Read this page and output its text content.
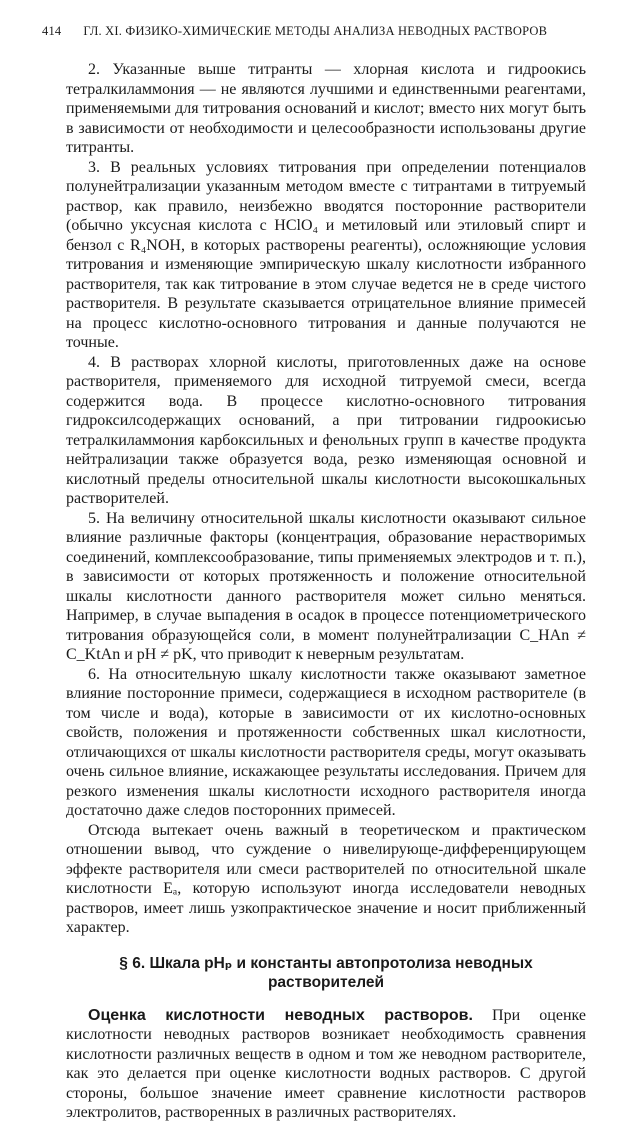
414 ГЛ. XI. ФИЗИКО-ХИМИЧЕСКИЕ МЕТОДЫ АНАЛИЗА НЕВОДНЫХ РАСТВОРОВ

2. Указанные выше титранты — хлорная кислота и гидроокись тетралкиламмония — не являются лучшими и единственными реагентами, применяемыми для титрования оснований и кислот; вместо них могут быть в зависимости от необходимости и целесообразности использованы другие титранты.

3. В реальных условиях титрования при определении потенциалов полунейтрализации указанным методом вместе с титрантами в титруемый раствор, как правило, неизбежно вводятся посторонние растворители (обычно уксусная кислота с HClO₄ и метиловый или этиловый спирт и бензол с R₄NOH, в которых растворены реагенты), осложняющие условия титрования и изменяющие эмпирическую шкалу кислотности избранного растворителя, так как титрование в этом случае ведется не в среде чистого растворителя. В результате сказывается отрицательное влияние примесей на процесс кислотно-основного титрования и данные получаются не точные.

4. В растворах хлорной кислоты, приготовленных даже на основе растворителя, применяемого для исходной титруемой смеси, всегда содержится вода. В процессе кислотно-основного титрования гидроксилсодержащих оснований, а при титровании гидроокисью тетралкиламмония карбоксильных и фенольных групп в качестве продукта нейтрализации также образуется вода, резко изменяющая основной и кислотный пределы относительной шкалы кислотности высокошкальных растворителей.

5. На величину относительной шкалы кислотности оказывают сильное влияние различные факторы (концентрация, образование нерастворимых соединений, комплексообразование, типы применяемых электродов и т. п.), в зависимости от которых протяженность и положение относительной шкалы кислотности данного растворителя может сильно меняться. Например, в случае выпадения в осадок в процессе потенциометрического титрования образующейся соли, в момент полунейтрализации C_HAn ≠ C_KtAn и pH ≠ pK, что приводит к неверным результатам.

6. На относительную шкалу кислотности также оказывают заметное влияние посторонние примеси, содержащиеся в исходном растворителе (в том числе и вода), которые в зависимости от их кислотно-основных свойств, положения и протяженности собственных шкал кислотности, отличающихся от шкалы кислотности растворителя среды, могут оказывать очень сильное влияние, искажающее результаты исследования. Причем для резкого изменения шкалы кислотности исходного растворителя иногда достаточно даже следов посторонних примесей.

Отсюда вытекает очень важный в теоретическом и практическом отношении вывод, что суждение о нивелирующе-дифференцирующем эффекте растворителя или смеси растворителей по относительной шкале кислотности Eₐ, которую используют иногда исследователи неводных растворов, имеет лишь узкопрактическое значение и носит приближенный характер.

§ 6. Шкала pHₚ и константы автопротолиза неводных
растворителей

Оценка кислотности неводных растворов. При оценке кислотности неводных растворов возникает необходимость сравнения кислотности различных веществ в одном и том же неводном растворителе, как это делается при оценке кислотности водных растворов. С другой стороны, большое значение имеет сравнение кислотности растворов электролитов, растворенных в различных растворителях.
